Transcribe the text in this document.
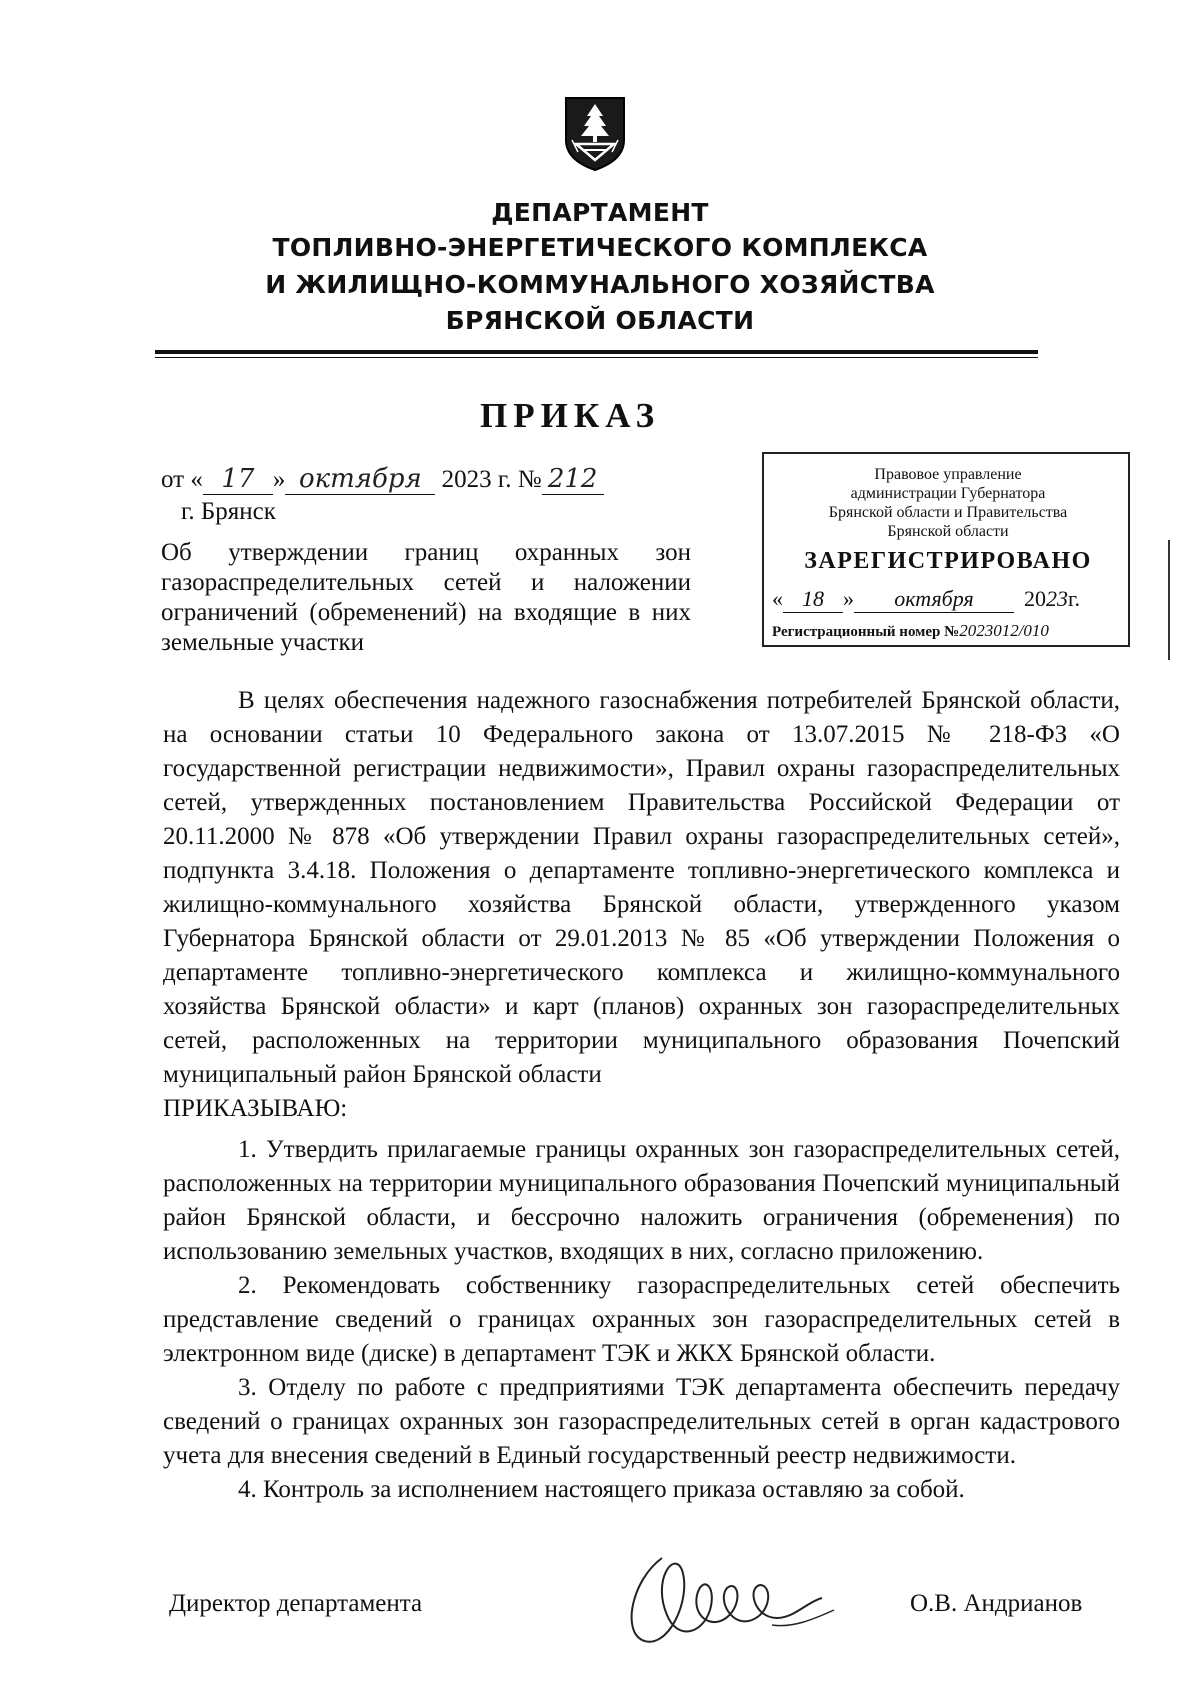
ДЕПАРТАМЕНТ
ТОПЛИВНО-ЭНЕРГЕТИЧЕСКОГО КОМПЛЕКСА
И ЖИЛИЩНО-КОММУНАЛЬНОГО ХОЗЯЙСТВА
БРЯНСКОЙ ОБЛАСТИ
ПРИКАЗ
от « 17 » октября 2023 г. № 212
г. Брянск
Об утверждении границ охранных зон газораспределительных сетей и наложении ограничений (обременений) на входящие в них земельные участки
Правовое управление
администрации Губернатора
Брянской области и Правительства
Брянской области
ЗАРЕГИСТРИРОВАНО
« 18 » октября 2023г.
Регистрационный номер №2023012/010

В целях обеспечения надежного газоснабжения потребителей Брянской области, на основании статьи 10 Федерального закона от 13.07.2015 № 218-ФЗ «О государственной регистрации недвижимости», Правил охраны газораспределительных сетей, утвержденных постановлением Правительства Российской Федерации от 20.11.2000 № 878 «Об утверждении Правил охраны газораспределительных сетей», подпункта 3.4.18. Положения о департаменте топливно-энергетического комплекса и жилищно-коммунального хозяйства Брянской области, утвержденного указом Губернатора Брянской области от 29.01.2013 № 85 «Об утверждении Положения о департаменте топливно-энергетического комплекса и жилищно-коммунального хозяйства Брянской области» и карт (планов) охранных зон газораспределительных сетей, расположенных на территории муниципального образования Почепский муниципальный район Брянской области

ПРИКАЗЫВАЮ:

1. Утвердить прилагаемые границы охранных зон газораспределительных сетей, расположенных на территории муниципального образования Почепский муниципальный район Брянской области, и бессрочно наложить ограничения (обременения) по использованию земельных участков, входящих в них, согласно приложению.

2. Рекомендовать собственнику газораспределительных сетей обеспечить представление сведений о границах охранных зон газораспределительных сетей в электронном виде (диске) в департамент ТЭК и ЖКХ Брянской области.

3. Отделу по работе с предприятиями ТЭК департамента обеспечить передачу сведений о границах охранных зон газораспределительных сетей в орган кадастрового учета для внесения сведений в Единый государственный реестр недвижимости.

4. Контроль за исполнением настоящего приказа оставляю за собой.

Директор департамента	О.В. Андрианов
